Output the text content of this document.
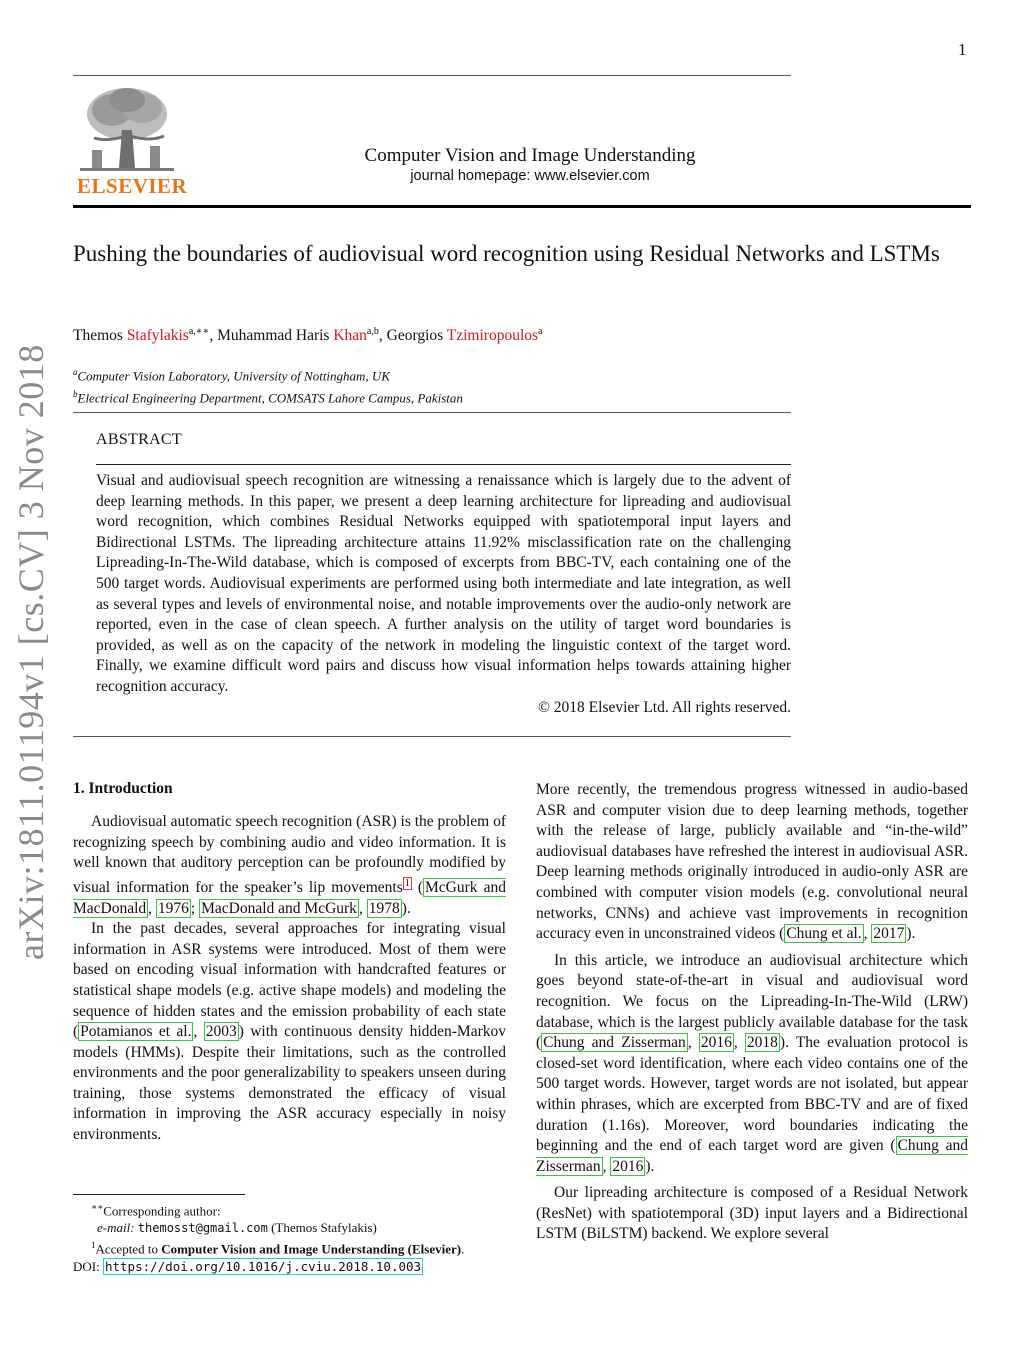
1
ELSEVIER
Computer Vision and Image Understanding
journal homepage: www.elsevier.com
Pushing the boundaries of audiovisual word recognition using Residual Networks and LSTMs
Themos Stafylakis$^{a,∗∗}$, Muhammad Haris Khan$^{a,b}$, Georgios Tzimiropoulos$^a$
$^a$Computer Vision Laboratory, University of Nottingham, UK
$^b$Electrical Engineering Department, COMSATS Lahore Campus, Pakistan
ABSTRACT
Visual and audiovisual speech recognition are witnessing a renaissance which is largely due to the advent of deep learning methods. In this paper, we present a deep learning architecture for lipreading and audiovisual word recognition, which combines Residual Networks equipped with spatiotemporal input layers and Bidirectional LSTMs. The lipreading architecture attains 11.92% misclassification rate on the challenging Lipreading-In-The-Wild database, which is composed of excerpts from BBC-TV, each containing one of the 500 target words. Audiovisual experiments are performed using both intermediate and late integration, as well as several types and levels of environmental noise, and notable improvements over the audio-only network are reported, even in the case of clean speech. A further analysis on the utility of target word boundaries is provided, as well as on the capacity of the network in modeling the linguistic context of the target word. Finally, we examine difficult word pairs and discuss how visual information helps towards attaining higher recognition accuracy.
© 2018 Elsevier Ltd. All rights reserved.
1. Introduction

Audiovisual automatic speech recognition (ASR) is the problem of recognizing speech by combining audio and video information. It is well known that auditory perception can be profoundly modified by visual information for the speaker’s lip movements $^1$ ( McGurk and MacDonald , 1976 ; MacDonald and McGurk , 1978 ).

In the past decades, several approaches for integrating visual information in ASR systems were introduced. Most of them were based on encoding visual information with handcrafted features or statistical shape models (e.g. active shape models) and modeling the sequence of hidden states and the emission probability of each state ( Potamianos et al. , 2003 ) with continuous density hidden-Markov models (HMMs). Despite their limitations, such as the controlled environments and the poor generalizability to speakers unseen during training, those systems demonstrated the efficacy of visual information in improving the ASR accuracy especially in noisy environments.

More recently, the tremendous progress witnessed in audio-based ASR and computer vision due to deep learning methods, together with the release of large, publicly available and “in-the-wild” audiovisual databases have refreshed the interest in audiovisual ASR. Deep learning methods originally introduced in audio-only ASR are combined with computer vision models (e.g. convolutional neural networks, CNNs) and achieve vast improvements in recognition accuracy even in unconstrained videos ( Chung et al. , 2017 ).

In this article, we introduce an audiovisual architecture which goes beyond state-of-the-art in visual and audiovisual word recognition. We focus on the Lipreading-In-The-Wild (LRW) database, which is the largest publicly available database for the task ( Chung and Zisserman , 2016 , 2018 ). The evaluation protocol is closed-set word identification, where each video contains one of the 500 target words. However, target words are not isolated, but appear within phrases, which are excerpted from BBC-TV and are of fixed duration (1.16s). Moreover, word boundaries indicating the beginning and the end of each target word are given ( Chung and Zisserman , 2016 ).

Our lipreading architecture is composed of a Residual Network (ResNet) with spatiotemporal (3D) input layers and a Bidirectional LSTM (BiLSTM) backend. We explore several

∗∗Corresponding author:
e-mail: themosst@gmail.com (Themos Stafylakis)
$^1$Accepted to Computer Vision and Image Understanding (Elsevier).
DOI: https://doi.org/10.1016/j.cviu.2018.10.003
arXiv:1811.01194v1 [cs.CV] 3 Nov 2018
